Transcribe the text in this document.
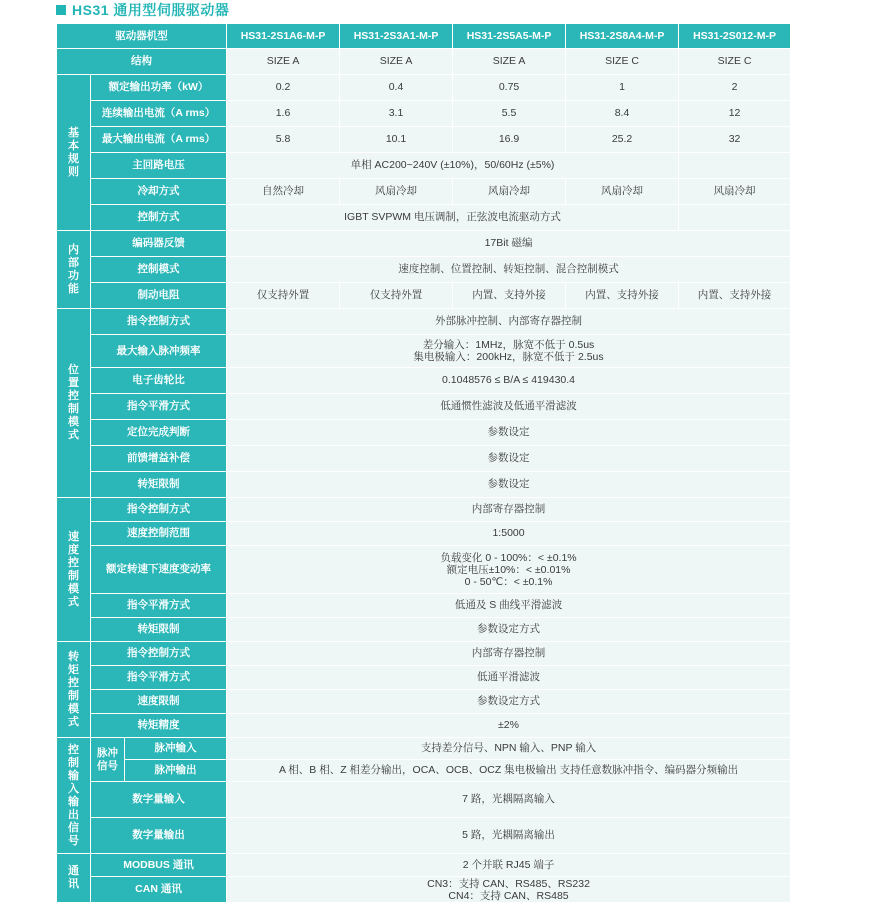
HS31 通用型伺服驱动器
驱动器机型			HS31-2S1A6-M-P	HS31-2S3A1-M-P	HS31-2S5A5-M-P	HS31-2S8A4-M-P	HS31-2S012-M-P
结构			SIZE A	SIZE A	SIZE A	SIZE C	SIZE C
基本规则	额定输出功率（kW）		0.2	0.4	0.75	1	2
	连续输出电流（A rms）		1.6	3.1	5.5	8.4	12
	最大输出电流（A rms）		5.8	10.1	16.9	25.2	32
	主回路电压		单相 AC200~240V (±10%)，50/60Hz (±5%)				
	冷却方式		自然冷却	风扇冷却	风扇冷却	风扇冷却	风扇冷却
	控制方式		IGBT SVPWM 电压调制，正弦波电流驱动方式				
内部功能	编码器反馈		17Bit 磁编				
	控制模式		速度控制、位置控制、转矩控制、混合控制模式				
	制动电阻		仅支持外置	仅支持外置	内置、支持外接	内置、支持外接	内置、支持外接
位置控制模式	指令控制方式		外部脉冲控制、内部寄存器控制				
	最大输入脉冲频率		差分输入：1MHz，脉宽不低于 0.5us
集电极输入：200kHz，脉宽不低于 2.5us				

	电子齿轮比		0.1048576 ≤ B/A ≤ 419430.4				
	指令平滑方式		低通惯性滤波及低通平滑滤波				
	定位完成判断		参数设定				
	前馈增益补偿		参数设定				
	转矩限制		参数设定				
速度控制模式	指令控制方式		内部寄存器控制				
	速度控制范围		1:5000				
	额定转速下速度变动率		负载变化 0 - 100%：< ±0.1%
额定电压±10%：< ±0.01%
0 - 50℃：< ±0.1%				

	指令平滑方式		低通及 S 曲线平滑滤波				
	转矩限制		参数设定方式				
转矩控制模式	指令控制方式		内部寄存器控制				
	指令平滑方式		低通平滑滤波				
	速度限制		参数设定方式				
	转矩精度		±2%				
控制输入输出信号	脉冲信号	脉冲输入	支持差分信号、NPN 输入、PNP 输入				
		脉冲输出	A 相、B 相、Z 相差分输出，OCA、OCB、OCZ 集电极输出 支持任意数脉冲指令、编码器分频输出				
	数字量输入		7 路，光耦隔离输入				
	数字量输出		5 路，光耦隔离输出				
通讯	MODBUS 通讯		2 个并联 RJ45 端子				
	CAN 通讯		CN3：支持 CAN、RS485、RS232
CN4：支持 CAN、RS485				
